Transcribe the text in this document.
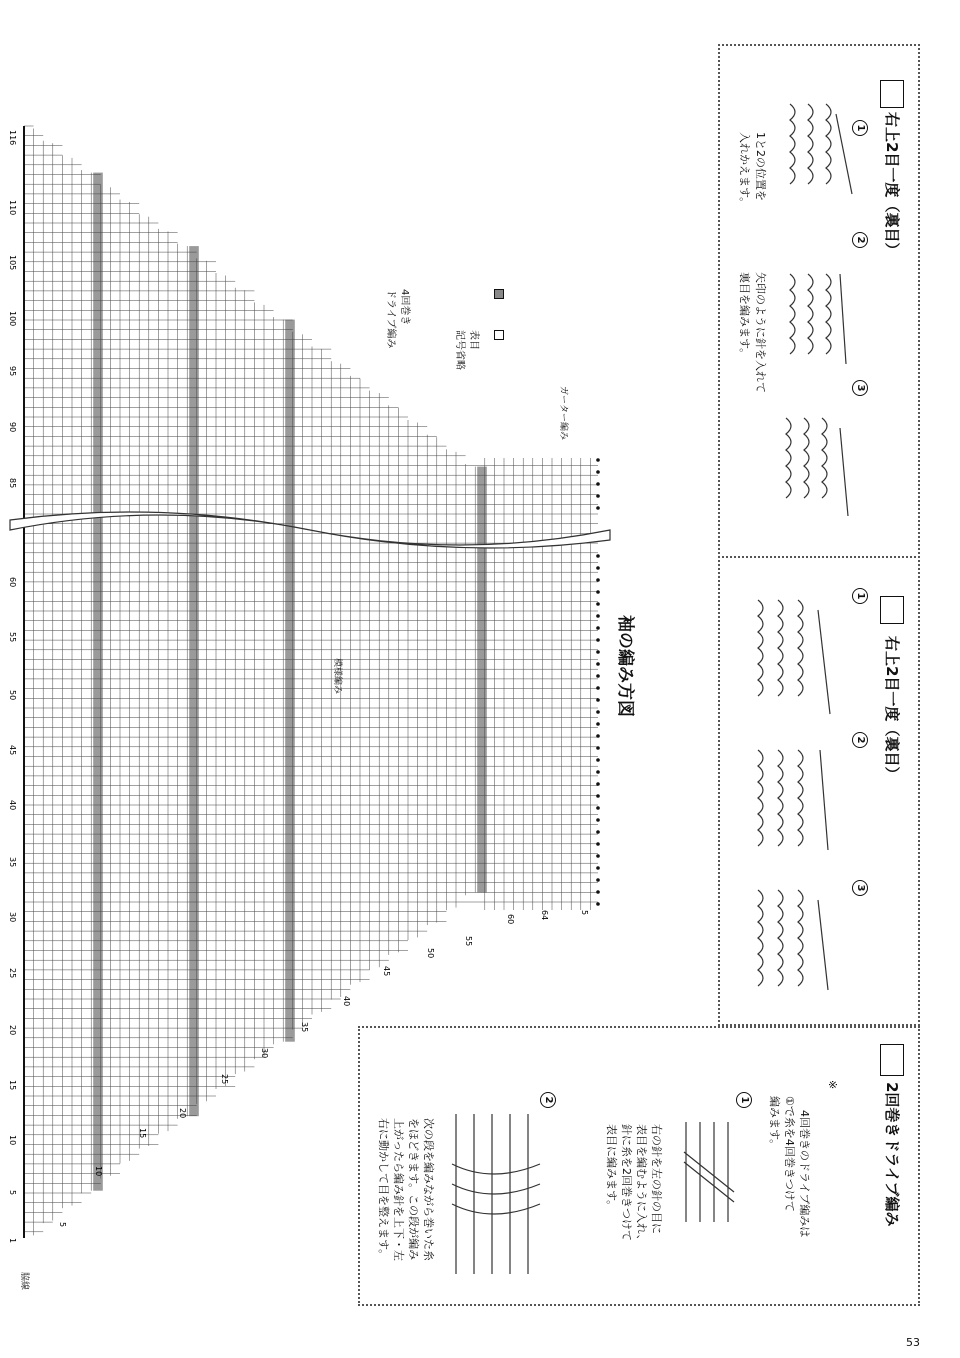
1
5
10
15
20
25
30
35
40
45
50
55
60
85
90
95
100
105
110
116
5
10
15
20
25
30
35
40
45
50
55
60	64	5
袖の編み方図
模様編み
ガーター編み
脇線
表目
記号省略
4回巻き
ドライブ編み
右上2目一度（裏目）
1
1と2の位置を
入れかえます。
2
矢印のように針を入れて
裏目を編みます。
3
右上2目一度（裏目）
1
2
3
2回巻きドライブ編み
※
4回巻きのドライブ編みは
①で糸を4回巻きつけて
編みます。
1
右の針を左の針の目に
表目を編むように入れ、
針に糸を2回巻きつけて
表目に編みます。
2
次の段を編みながら巻いた糸
をほどきます。この段が編み
上がったら編み針を上下・左
右に動かして目を整えます。
53
